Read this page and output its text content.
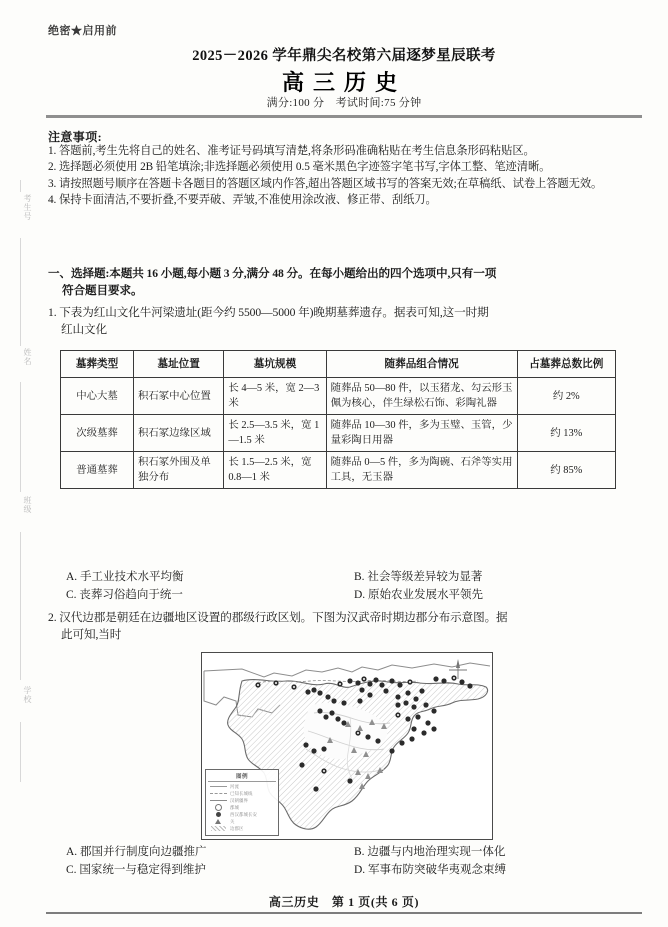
考生号
姓名
班级
学校
绝密★启用前
2025－2026 学年鼎尖名校第六届逐梦星辰联考
高三历史
满分:100 分　考试时间:75 分钟
注意事项:
1. 答题前,考生先将自己的姓名、准考证号码填写清楚,将条形码准确粘贴在考生信息条形码粘贴区。
2. 选择题必须使用 2B 铅笔填涂;非选择题必须使用 0.5 毫米黑色字迹签字笔书写,字体工整、笔迹清晰。
3. 请按照题号顺序在答题卡各题目的答题区域内作答,超出答题区域书写的答案无效;在草稿纸、试卷上答题无效。
4. 保持卡面清洁,不要折叠,不要弄破、弄皱,不准使用涂改液、修正带、刮纸刀。
一、选择题:本题共 16 小题,每小题 3 分,满分 48 分。在每小题给出的四个选项中,只有一项
符合题目要求。
1. 下表为红山文化牛河梁遗址(距今约 5500—5000 年)晚期墓葬遗存。据表可知,这一时期
红山文化
墓葬类型	墓址位置	墓坑规模	随葬品组合情况	占墓葬总数比例
中心大墓	积石冢中心位置	长 4—5 米，宽 2—3 米	随葬品 50—80 件，以玉猪龙、勾云形玉佩为核心，伴生绿松石饰、彩陶礼器	约 2%
次级墓葬	积石冢边缘区域	长 2.5—3.5 米，宽 1—1.5 米	随葬品 10—30 件，多为玉璧、玉管，少量彩陶日用器	约 13%
普通墓葬	积石冢外围及单独分布	长 1.5—2.5 米，宽 0.8—1 米	随葬品 0—5 件，多为陶碗、石斧等实用工具，无玉器	约 85%
A. 手工业技术水平均衡	B. 社会等级差异较为显著
C. 丧葬习俗趋向于统一	D. 原始农业发展水平领先
2. 汉代边郡是朝廷在边疆地区设置的郡级行政区划。下图为汉武帝时期边郡分布示意图。据
此可知,当时
图例
河流
已知长城线
汉朝疆界
郡城
西汉都城长安
关
边郡区
A. 郡国并行制度向边疆推广	B. 边疆与内地治理实现一体化
C. 国家统一与稳定得到维护	D. 军事布防突破华夷观念束缚
高三历史　第 1 页(共 6 页)
